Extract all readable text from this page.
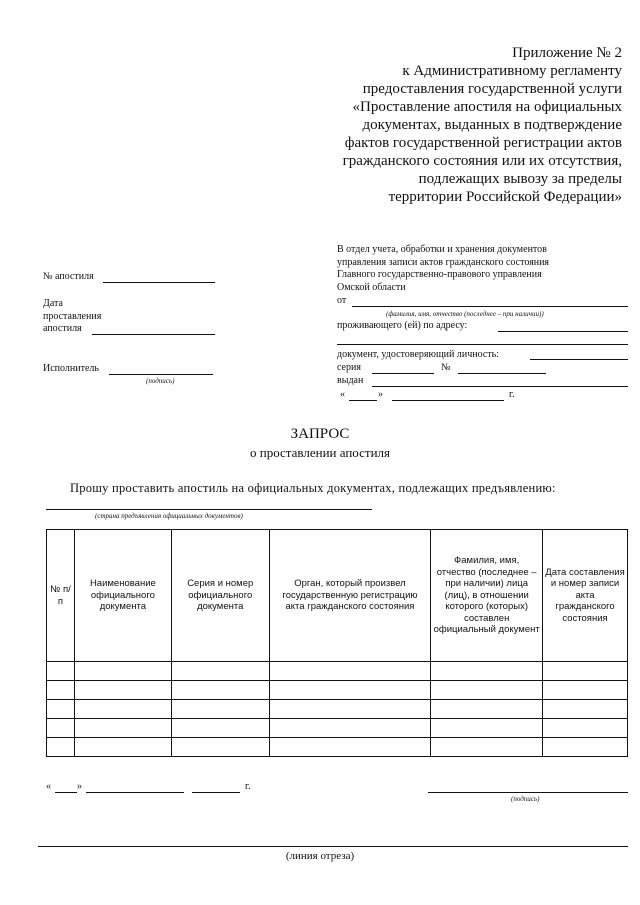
Приложение № 2
к Административному регламенту
предоставления государственной услуги
«Проставление апостиля на официальных
документах, выданных в подтверждение
фактов государственной регистрации актов
гражданского состояния или их отсутствия,
подлежащих вывозу за пределы
территории Российской Федерации»
В отдел учета, обработки и хранения документов
управления записи актов гражданского состояния
Главного государственно-правового управления
Омской области
от
(фамилия, имя, отчество (последнее – при наличии))
проживающего (ей) по адресу:
документ, удостоверяющий личность:
серия	№
выдан
«	»	г.
№ апостиля
Дата
проставления
апостиля
Исполнитель
(подпись)
ЗАПРОС
о проставлении апостиля
Прошу проставить апостиль на официальных документах, подлежащих предъявлению:
(страна предъявления официальных документов)
№ п/п	Наименование официального документа	Серия и номер официального документа	Орган, который произвел государственную регистрацию акта гражданского состояния	Фамилия, имя, отчество (последнее – при наличии) лица (лиц), в отношении которого (которых) составлен официальный документ	Дата составления и номер записи акта гражданского состояния

«	»	г.
(подпись)
(линия отреза)
